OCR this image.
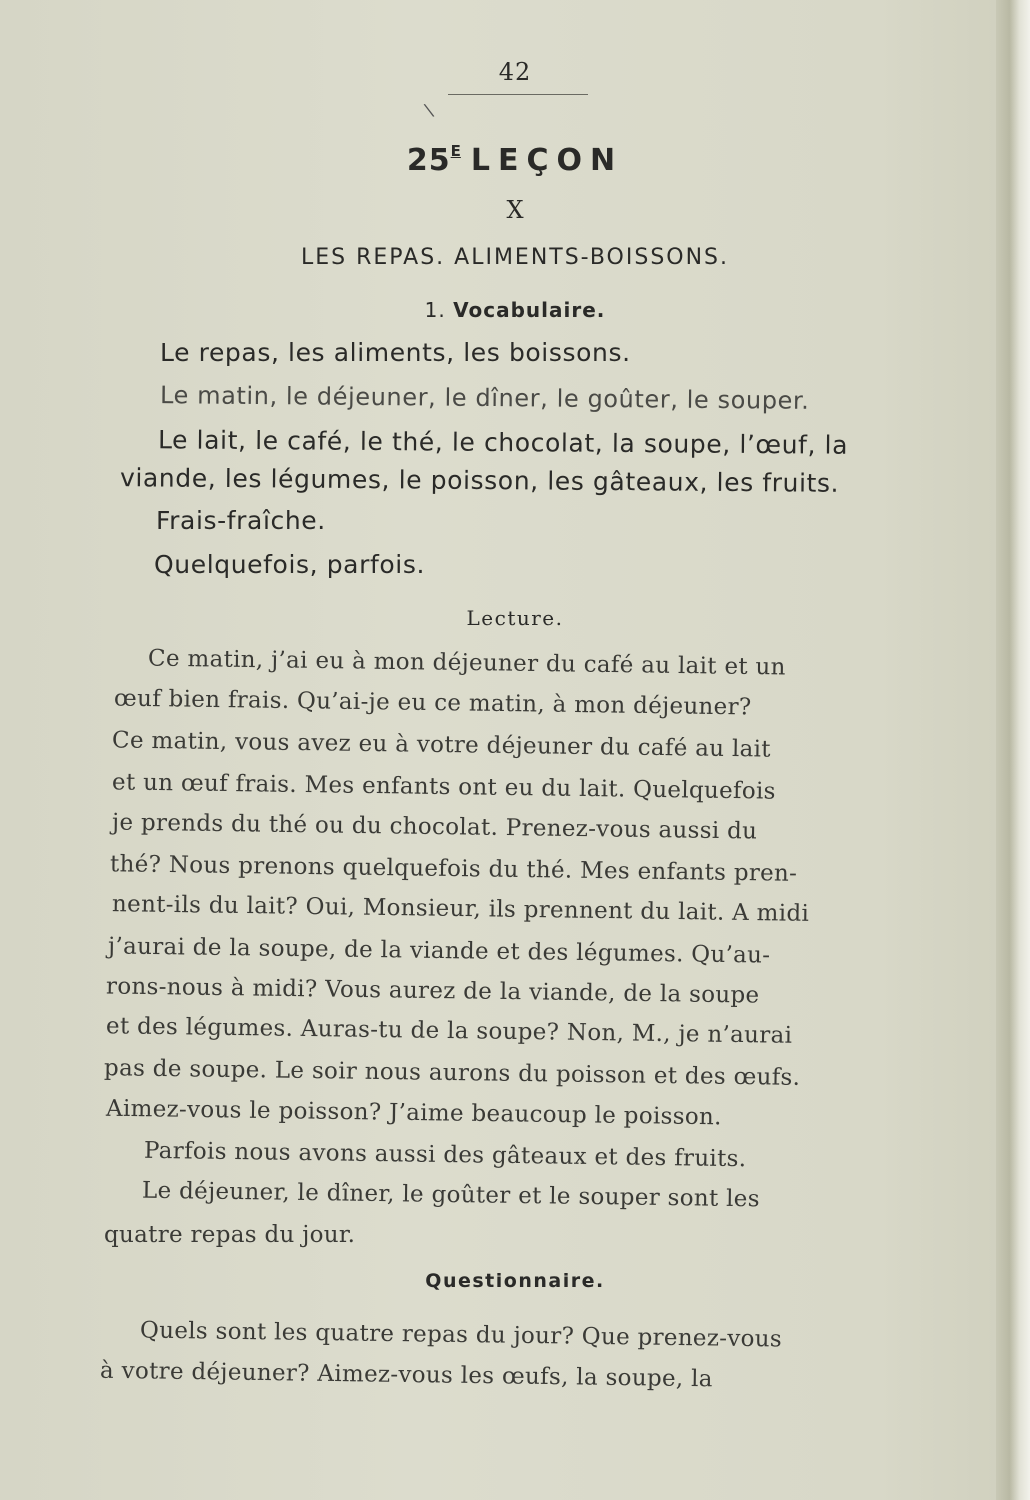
42
\
$25^E$ LEÇON
X
LES REPAS. ALIMENTS-BOISSONS.
1. Vocabulaire.
Le repas, les aliments, les boissons.
Le matin, le déjeuner, le dîner, le goûter, le souper.
Le lait, le café, le thé, le chocolat, la soupe, l’œuf, la
viande, les légumes, le poisson, les gâteaux, les fruits.
Frais-fraîche.
Quelquefois, parfois.
Lecture.
Ce matin, j’ai eu à mon déjeuner du café au lait et un
œuf bien frais. Qu’ai-je eu ce matin, à mon déjeuner?
Ce matin, vous avez eu à votre déjeuner du café au lait
et un œuf frais. Mes enfants ont eu du lait. Quelquefois
je prends du thé ou du chocolat. Prenez-vous aussi du
thé? Nous prenons quelquefois du thé. Mes enfants pren-
nent-ils du lait? Oui, Monsieur, ils prennent du lait. A midi
j’aurai de la soupe, de la viande et des légumes. Qu’au-
rons-nous à midi? Vous aurez de la viande, de la soupe
et des légumes. Auras-tu de la soupe? Non, M., je n’aurai
pas de soupe. Le soir nous aurons du poisson et des œufs.
Aimez-vous le poisson? J’aime beaucoup le poisson.
Parfois nous avons aussi des gâteaux et des fruits.
Le déjeuner, le dîner, le goûter et le souper sont les
quatre repas du jour.
Questionnaire.
Quels sont les quatre repas du jour? Que prenez-vous
à votre déjeuner? Aimez-vous les œufs, la soupe, la
